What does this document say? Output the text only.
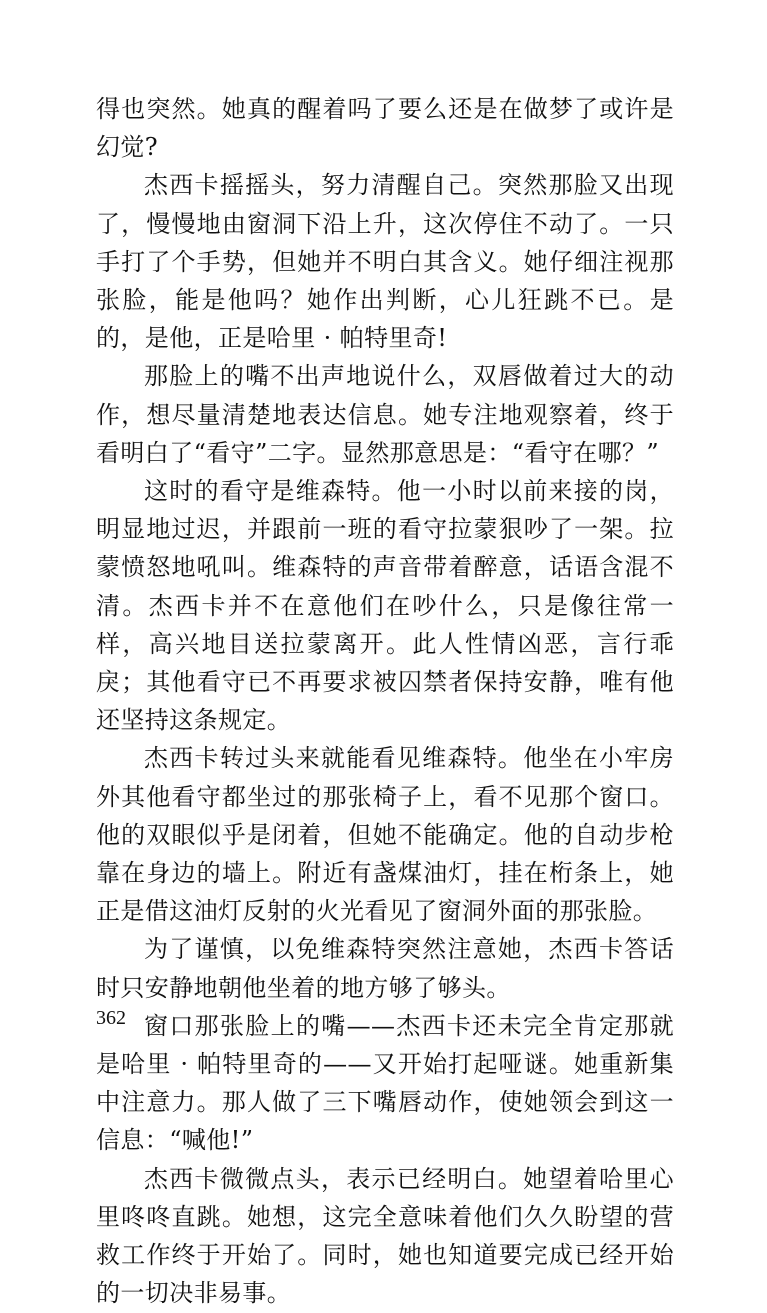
得也突然。她真的醒着吗了要么还是在做梦了或许是幻觉?

杰西卡摇摇头，努力清醒自己。突然那脸又出现了，慢慢地由窗洞下沿上升，这次停住不动了。一只手打了个手势，但她并不明白其含义。她仔细注视那张脸，能是他吗？她作出判断，心儿狂跳不已。是的，是他，正是哈里 · 帕特里奇!

那脸上的嘴不出声地说什么，双唇做着过大的动作，想尽量清楚地表达信息。她专注地观察着，终于看明白了“看守”二字。显然那意思是：“看守在哪？”

这时的看守是维森特。他一小时以前来接的岗，明显地过迟，并跟前一班的看守拉蒙狠吵了一架。拉蒙愤怒地吼叫。维森特的声音带着醉意，话语含混不清。杰西卡并不在意他们在吵什么，只是像往常一样，高兴地目送拉蒙离开。此人性情凶恶，言行乖戾；其他看守已不再要求被囚禁者保持安静，唯有他还坚持这条规定。

杰西卡转过头来就能看见维森特。他坐在小牢房外其他看守都坐过的那张椅子上，看不见那个窗口。他的双眼似乎是闭着，但她不能确定。他的自动步枪靠在身边的墙上。附近有盏煤油灯，挂在桁条上，她正是借这油灯反射的火光看见了窗洞外面的那张脸。

为了谨慎，以免维森特突然注意她，杰西卡答话时只安静地朝他坐着的地方够了够头。

窗口那张脸上的嘴——杰西卡还未完全肯定那就是哈里 · 帕特里奇的——又开始打起哑谜。她重新集中注意力。那人做了三下嘴唇动作，使她领会到这一信息：“喊他!”

杰西卡微微点头，表示已经明白。她望着哈里心里咚咚直跳。她想，这完全意味着他们久久盼望的营救工作终于开始了。同时，她也知道要完成已经开始的一切决非易事。

362
